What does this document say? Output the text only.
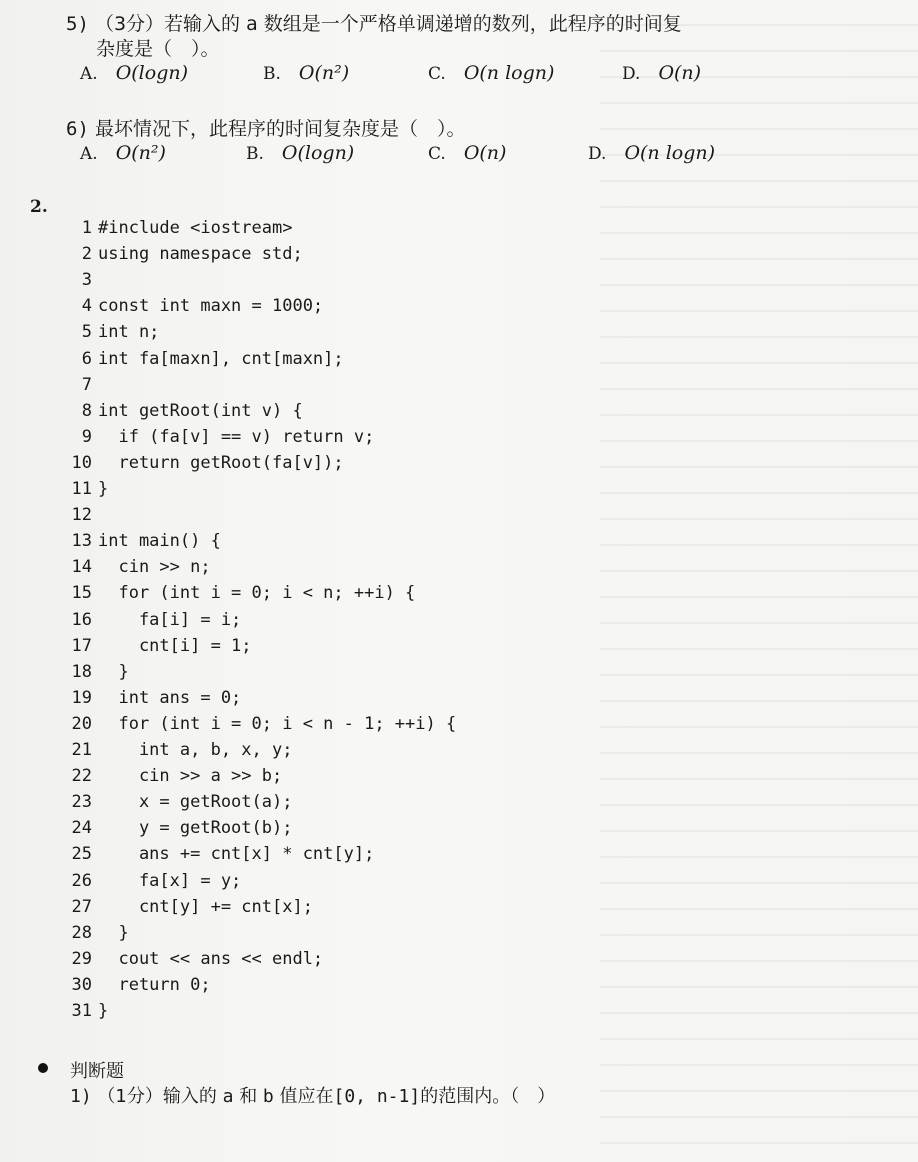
5) （3分）若输入的 a 数组是一个严格单调递增的数列，此程序的时间复
杂度是（　）。
A. O(logn)	B. O(n²)	C. O(n logn)	D. O(n)
6) 最坏情况下，此程序的时间复杂度是（　）。
A. O(n²)	B. O(logn)	C. O(n)	D. O(n logn)
2.
1 #include <iostream>
2 using namespace std;
3
4 const int maxn = 1000;
5 int n;
6 int fa[maxn], cnt[maxn];
7
8 int getRoot(int v) {
9  if (fa[v] == v) return v;
10  return getRoot(fa[v]);
11 }
12
13 int main() {
14  cin >> n;
15  for (int i = 0; i < n; ++i) {
16    fa[i] = i;
17    cnt[i] = 1;
18  }
19  int ans = 0;
20  for (int i = 0; i < n - 1; ++i) {
21    int a, b, x, y;
22    cin >> a >> b;
23    x = getRoot(a);
24    y = getRoot(b);
25    ans += cnt[x] * cnt[y];
26    fa[x] = y;
27    cnt[y] += cnt[x];
28  }
29  cout << ans << endl;
30  return 0;
31 }
判断题
1) （1分）输入的 a 和 b 值应在[0, n-1]的范围内。（　）
